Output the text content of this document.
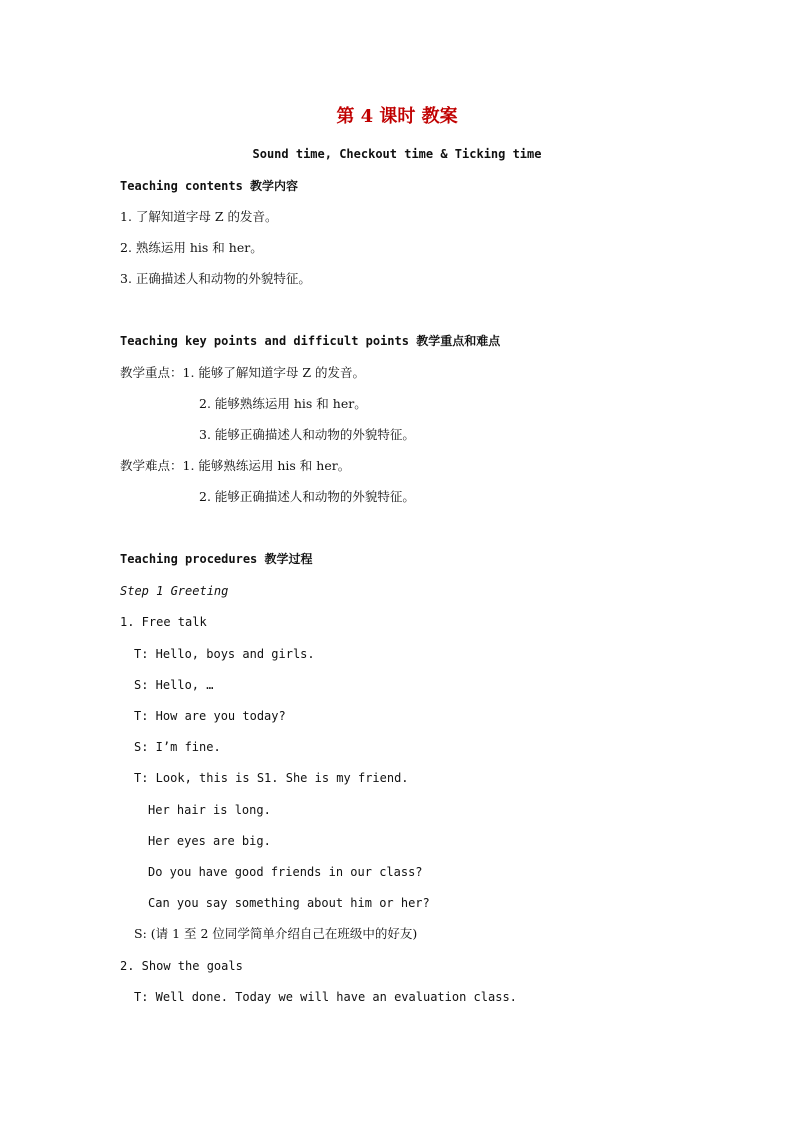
第 4 课时 教案
Sound time, Checkout time & Ticking time
Teaching contents 教学内容
1. 了解知道字母 Z 的发音。
2. 熟练运用 his 和 her。
3. 正确描述人和动物的外貌特征。
Teaching key points and difficult points 教学重点和难点
教学重点：1. 能够了解知道字母 Z 的发音。
2. 能够熟练运用 his 和 her。
3. 能够正确描述人和动物的外貌特征。
教学难点：1. 能够熟练运用 his 和 her。
2. 能够正确描述人和动物的外貌特征。
Teaching procedures 教学过程
Step 1 Greeting
1. Free talk
T: Hello, boys and girls.
S: Hello, …
T: How are you today?
S: I’m fine.
T: Look, this is S1. She is my friend.
Her hair is long.
Her eyes are big.
Do you have good friends in our class?
Can you say something about him or her?
S: (请 1 至 2 位同学简单介绍自己在班级中的好友)
2. Show the goals
T: Well done. Today we will have an evaluation class.
